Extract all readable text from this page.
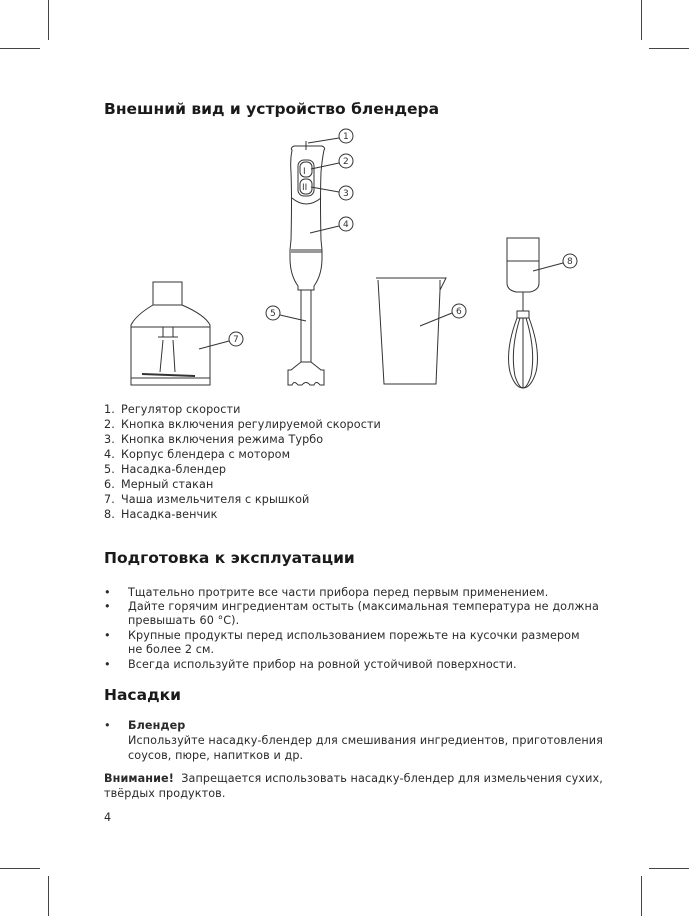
Внешний вид и устройство блендера
I
II
1
2
3
4
5	6
7
8
1. Регулятор скорости
2. Кнопка включения регулируемой скорости
3. Кнопка включения режима Турбо
4. Корпус блендера с мотором
5. Насадка-блендер
6. Мерный стакан
7. Чаша измельчителя с крышкой
8. Насадка-венчик
Подготовка к эксплуатации
• Тщательно протрите все части прибора перед первым применением.
• Дайте горячим ингредиентам остыть (максимальная температура не должна
превышать 60 °C).
• Крупные продукты перед использованием порежьте на кусочки размером
не более 2 см.
• Всегда используйте прибор на ровной устойчивой поверхности.
Насадки
• Блендер
Используйте насадку-блендер для смешивания ингредиентов, приготовления
соусов, пюре, напитков и др.
Внимание! Запрещается использовать насадку-блендер для измельчения сухих,
твёрдых продуктов.
4
